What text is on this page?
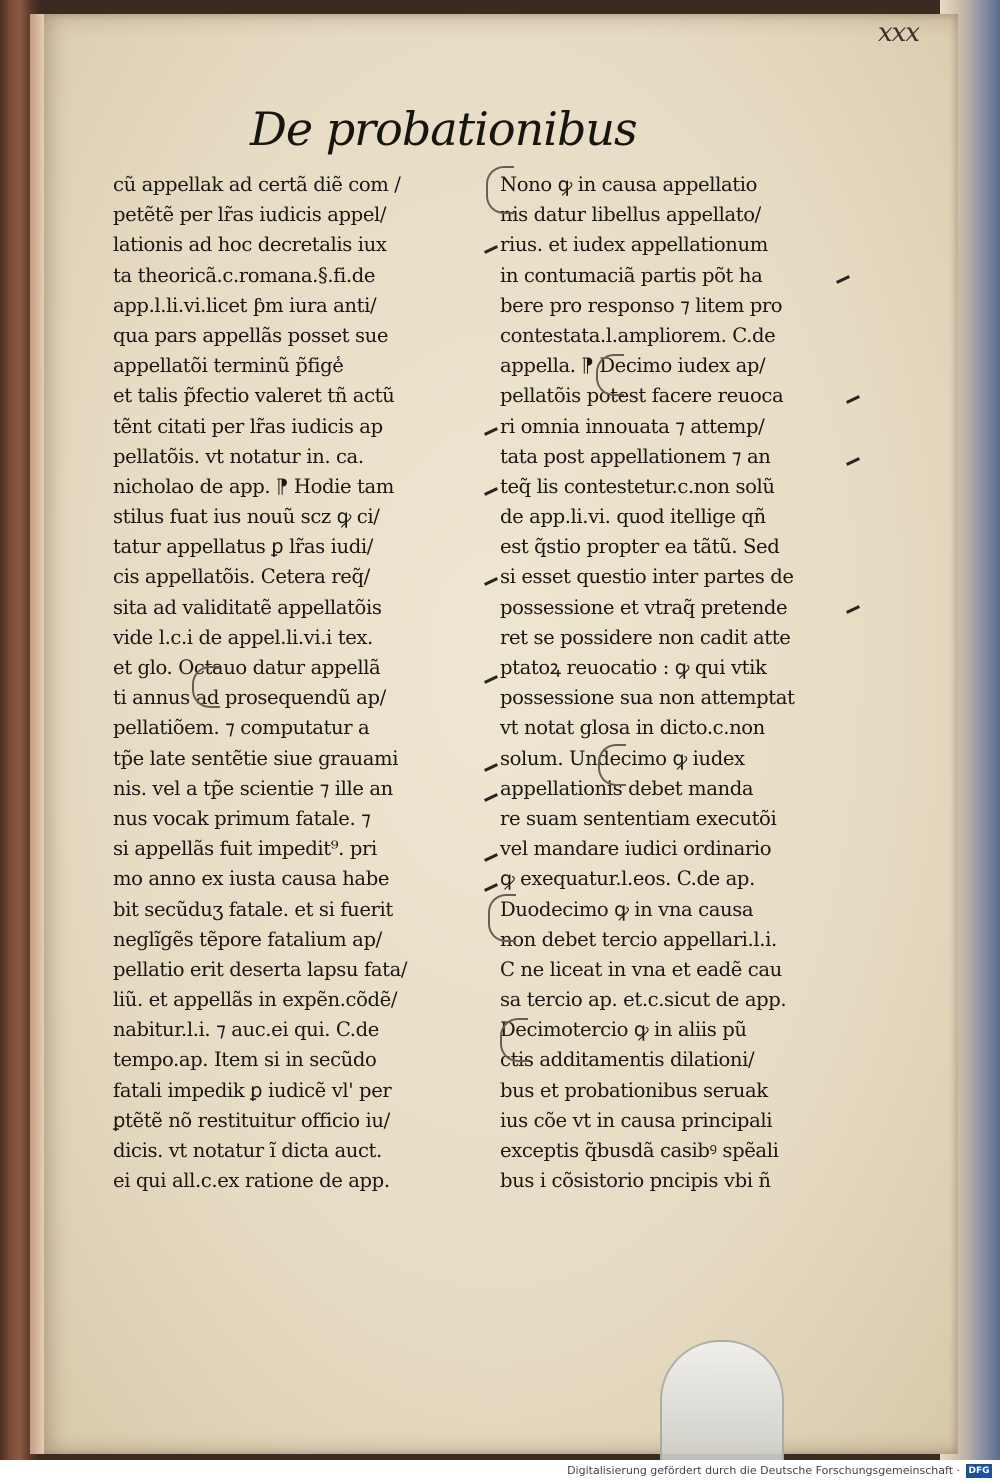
xxx
De probationibus
cũ appellak ad certã diẽ com /
petẽtẽ per lr̃as iudicis appel/
lationis ad hoc decretalis iux
ta theoricã.c.romana.§.fi.de
app.l.li.vi.licet ƥm iura anti/
qua pars appellãs posset sue
appellatõi terminũ p̃fige̾
et talis p̃fectio valeret tñ actũ
tẽnt citati per lr̃as iudicis ap
pellatõis. vt notatur in. ca.
nicholao de app. ⁋ Hodie tam
stilus fuat ius nouũ scz ꝙ ci/
tatur appellatus ꝑ lr̃as iudi/
cis appellatõis. Cetera req̃/
sita ad validitatẽ appellatõis
vide l.c.i de appel.li.vi.i tex.
et glo. Octauo datur appellã
ti annus ad prosequendũ ap/
pellatiõem. ⁊ computatur a
tp̃e late sentẽtie siue grauami
nis. vel a tp̃e scientie ⁊ ille an
nus vocak primum fatale. ⁊
si appellãs fuit impedit⁹. pri
mo anno ex iusta causa habe
bit secũduʒ fatale. et si fuerit
neglĩgẽs tẽpore fatalium ap/
pellatio erit deserta lapsu fata/
liũ. et appellãs in expẽn.cõdẽ/
nabitur.l.i. ⁊ auc.ei qui. C.de
tempo.ap. Item si in secũdo
fatali impedik ꝑ iudicẽ vl' per
ꝑtẽtẽ nõ restituitur officio iu/
dicis. vt notatur ĩ dicta auct.
ei qui all.c.ex ratione de app.
Nono ꝙ in causa appellatio
nis datur libellus appellato/
rius. et iudex appellationum
in contumaciã partis põt ha
bere pro responso ⁊ litem pro
contestata.l.ampliorem. C.de
appella. ⁋ Decimo iudex ap/
pellatõis potest facere reuoca
ri omnia innouata ⁊ attemp/
tata post appellationem ⁊ an
teq̃ lis contestetur.c.non solũ
de app.li.vi. quod itellige qñ
est q̃stio propter ea tãtũ. Sed
si esset questio inter partes de
possessione et vtraq̃ pretende
ret se possidere non cadit atte
ptatoꝝ reuocatio : ꝙ qui vtik
possessione sua non attemptat
vt notat glosa in dicto.c.non
solum. Undecimo ꝙ iudex
appellationis debet manda
re suam sententiam executõi
vel mandare iudici ordinario
ꝙ exequatur.l.eos. C.de ap.
Duodecimo ꝙ in vna causa
non debet tercio appellari.l.i.
C ne liceat in vna et eadẽ cau
sa tercio ap. et.c.sicut de app.
Decimotercio ꝙ in aliis pũ
ctis additamentis dilationi/
bus et probationibus seruak
ius cõe vt in causa principali
exceptis q̃busdã casibꝰ spẽali
bus i cõsistorio pncipis vbi ñ
Digitalisierung gefördert durch die Deutsche Forschungsgemeinschaft · DFG
